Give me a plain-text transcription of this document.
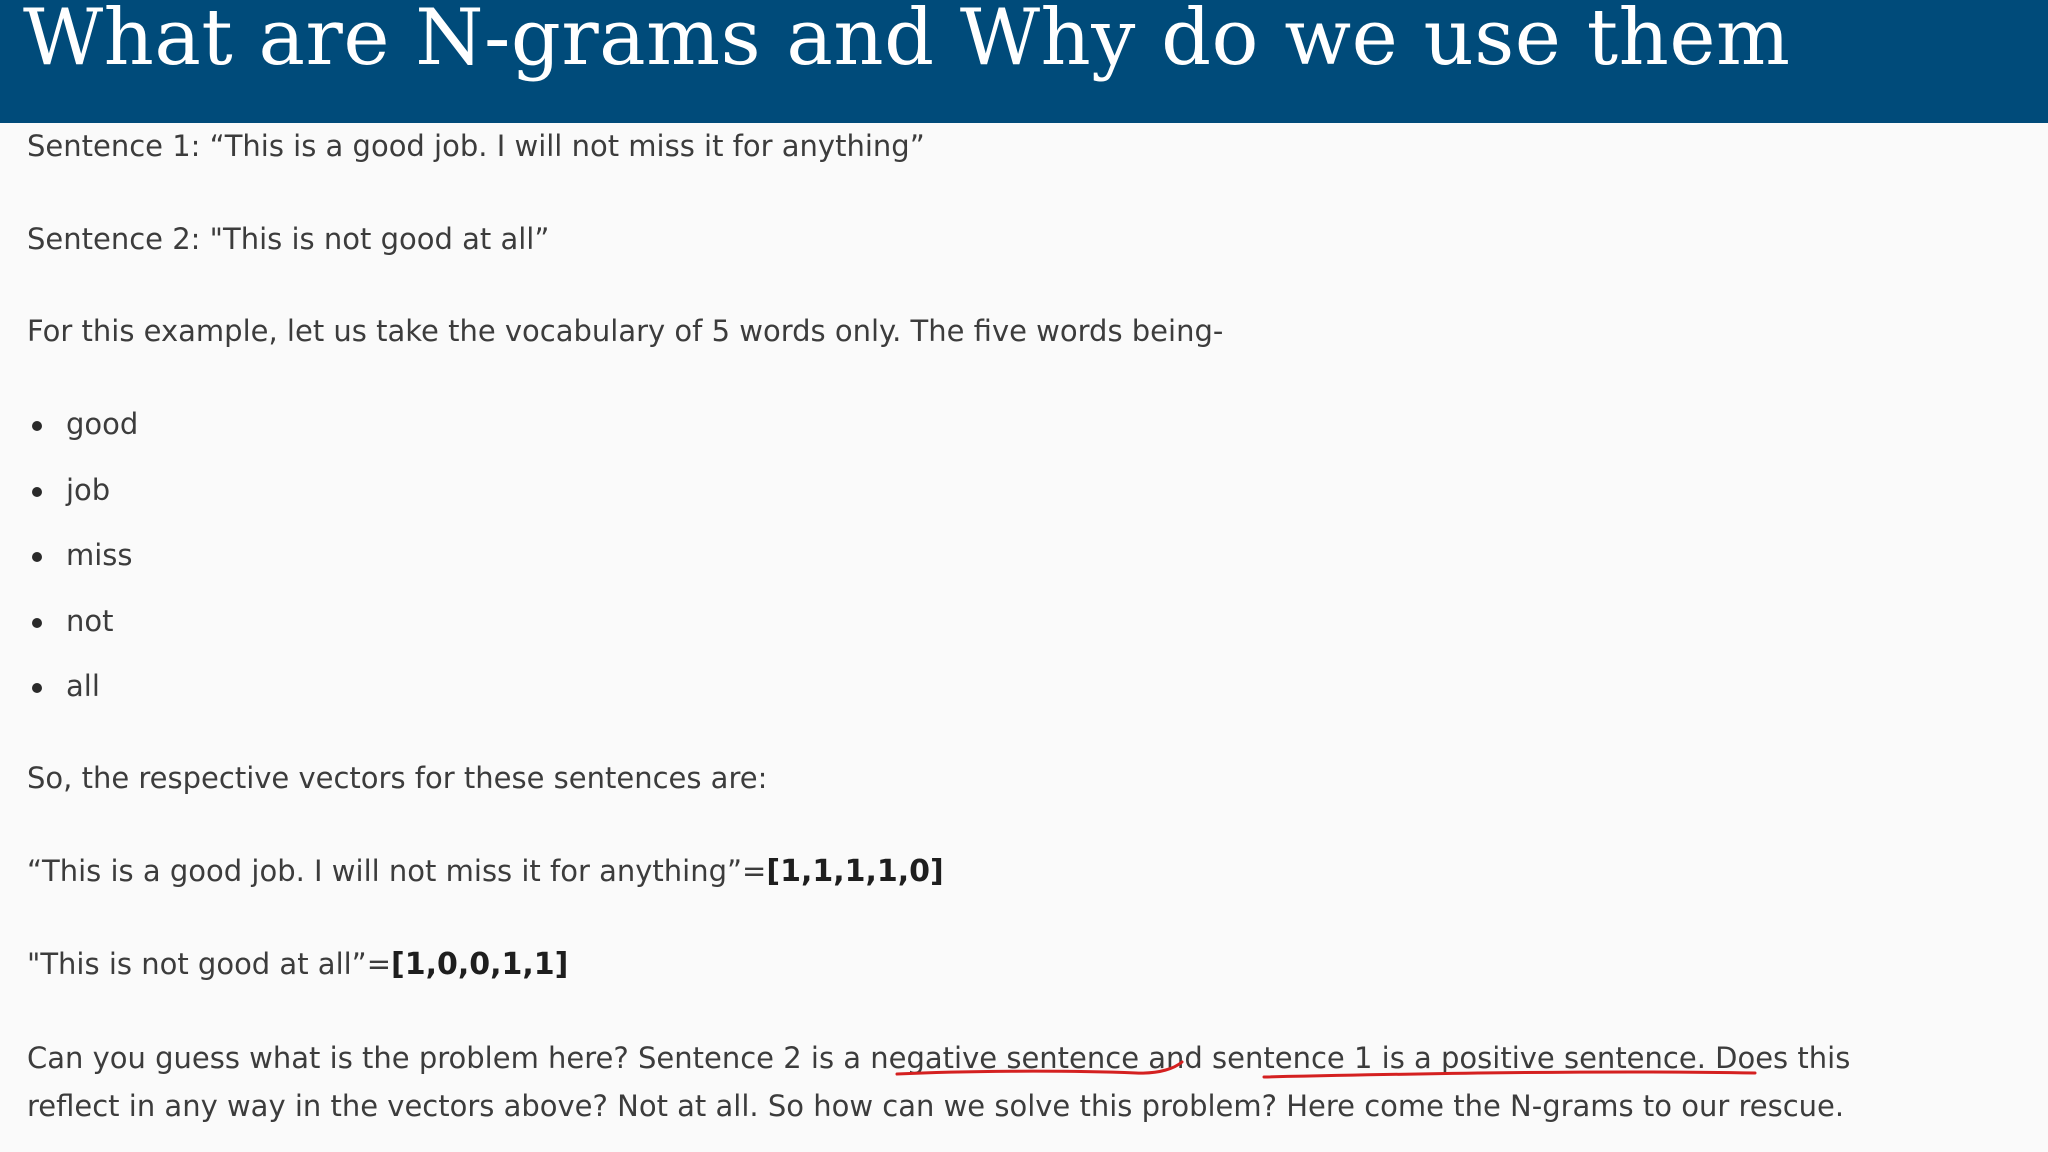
What are N-grams and Why do we use them

Sentence 1: “This is a good job. I will not miss it for anything”

Sentence 2: "This is not good at all”

For this example, let us take the vocabulary of 5 words only. The five words being-

good
job
miss
not
all

So, the respective vectors for these sentences are:

“This is a good job. I will not miss it for anything”=[1,1,1,1,0]

"This is not good at all”=[1,0,0,1,1]

Can you guess what is the problem here? Sentence 2 is a negative sentence and sentence 1 is a positive sentence. Does this

reflect in any way in the vectors above? Not at all. So how can we solve this problem? Here come the N-grams to our rescue.
